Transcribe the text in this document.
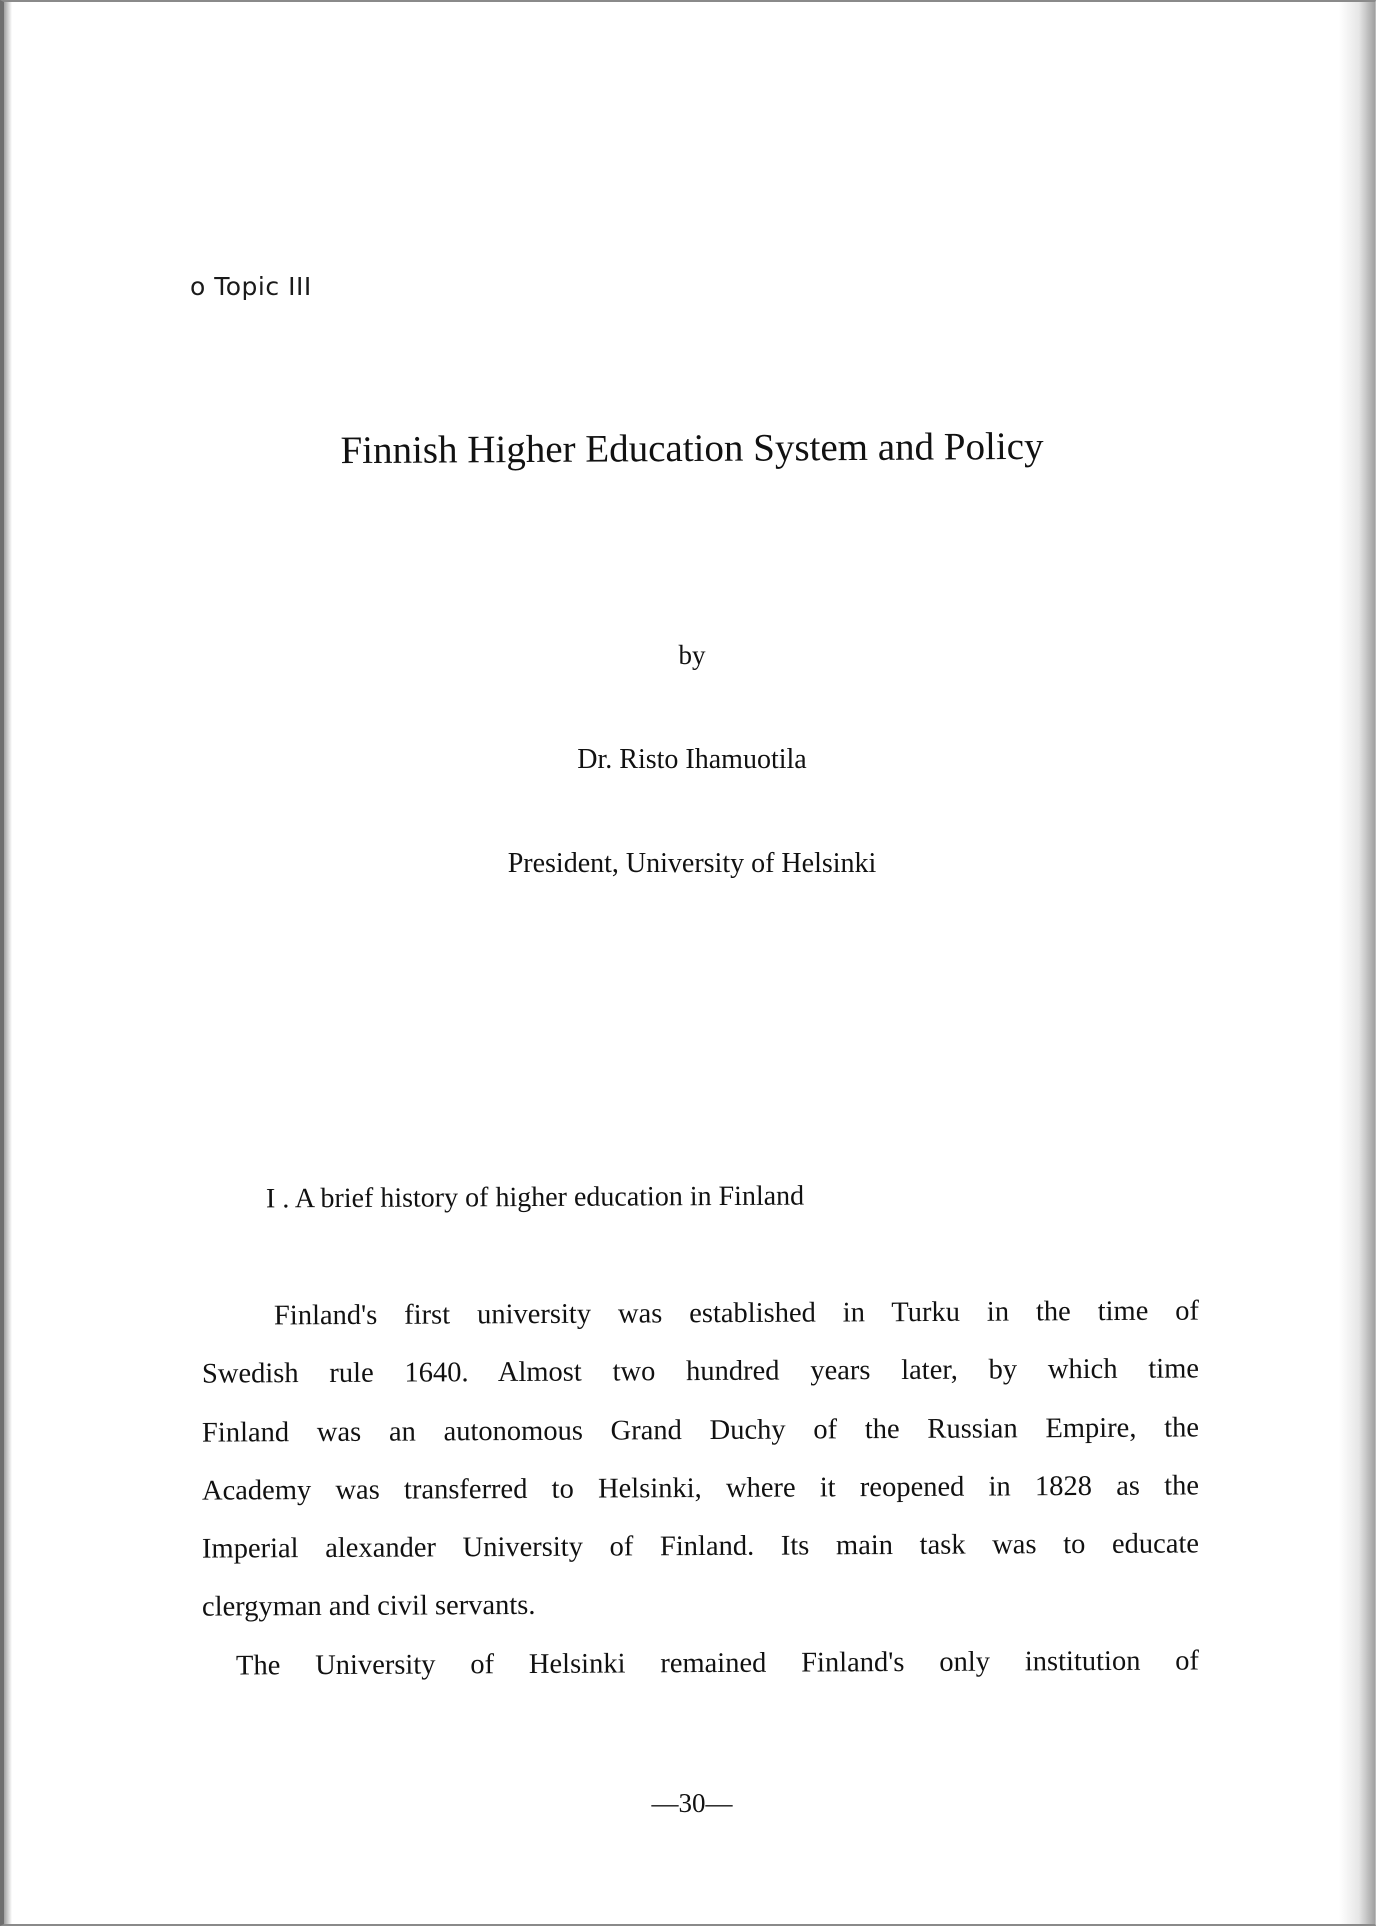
o Topic III
Finnish Higher Education System and Policy
by
Dr. Risto Ihamuotila
President, University of Helsinki
I . A brief history of higher education in Finland
Finland's first university was established in Turku in the time of
Swedish rule 1640. Almost two hundred years later, by which time
Finland was an autonomous Grand Duchy of the Russian Empire, the
Academy was transferred to Helsinki, where it reopened in 1828 as the
Imperial alexander University of Finland. Its main task was to educate
clergyman and civil servants.
The University of Helsinki remained Finland's only institution of
—30—
